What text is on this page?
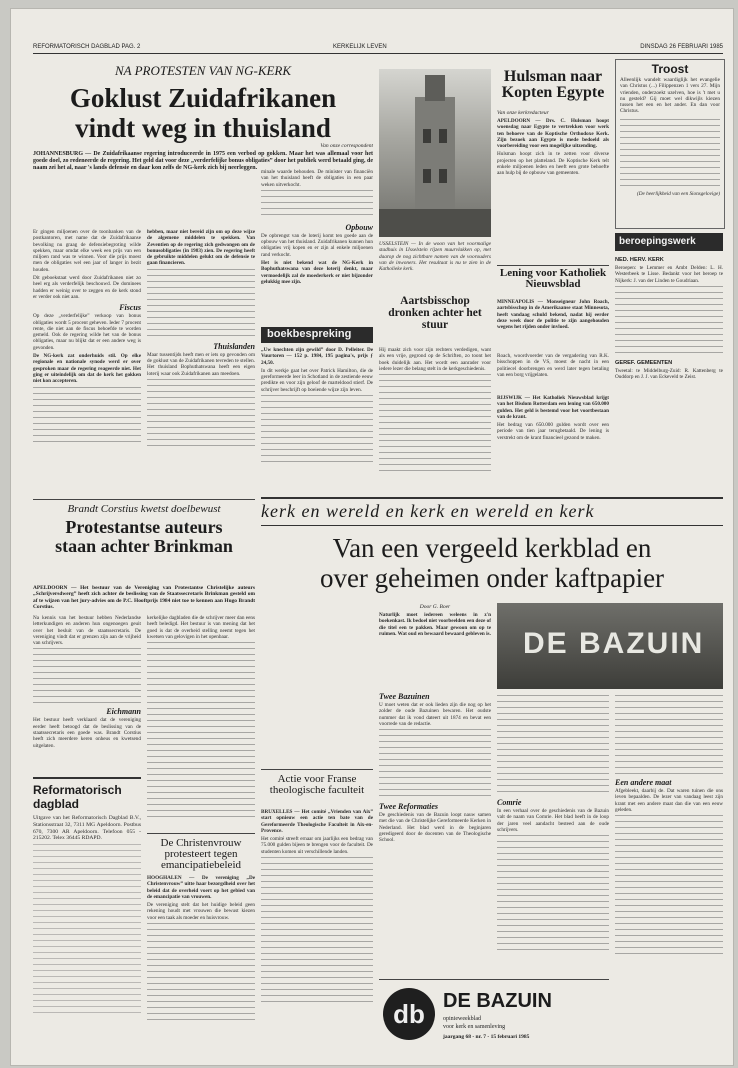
REFORMATORISCH DAGBLAD PAG. 2	KERKELIJK LEVEN	DINSDAG 26 FEBRUARI 1985
NA PROTESTEN VAN NG-KERK
Goklust Zuidafrikanen
vindt weg in thuisland
Van onze correspondent
JOHANNESBURG — De Zuidafrikaanse regering introduceerde in 1975 een verbod op gokken. Maar het was allemaal voor het goede doel, zo redeneerde de regering. Het geld dat voor deze „verderfelijke bonus obligaties” door het publiek werd betaald ging, de naam zei het al, naar 's lands defensie en daar kon zelfs de NG-kerk zich bij neerleggen.

Er gingen miljoenen over de toonbanken van de postkantoren, met name dat de Zuidafrikaanse bevolking nu graag de defensiebegroting wilde spekken, maar omdat elke week een prijs van een miljoen rand was te winnen. Voor die prijs moest men de obligaties wel een jaar of langer in bezit houden.

Dit geboekstaat werd door Zuidafrikanen niet zo heel erg als verderfelijk beschouwd. De dominees hadden er weinig over te zeggen en de kerk stond er verder ook niet aan.

Fiscus

Op deze „verderfelijke” verkoop van bonus obligaties wordt 5 procent geheven. Ieder 7 procent rente, die niet aan de fiscus behoefde te worden gemeld. Ook de regering wilde het van de bonus obligaties, maar nu blijkt dat er een andere weg is gevonden.

De NG-kerk zat onderhuids stil. Op elke regionale en nationale synode werd er over gesproken maar de regering reageerde niet. Het ging er uiteindelijk om dat de kerk het gokken niet kon accepteren.

hebben, maar niet bereid zijn om op deze wijze de algemene middelen te spekken. Van Zeventien op de regering zich gedwongen om de bonusobligaties (in 1983) zien. De regering heeft de gebruikte middelen gelukt om de defensie te gaan financieren.

Thuislanden

Maar tussentijds heeft men er iets op gevonden om de goklust van de Zuidafrikanen tevreden te stellen. Het thuisland Bophuthatswana heeft een eigen loterij waar ook Zuidafrikanen aan meedoen.

minale waarde behouden. De minister van financiën van het thuisland heeft de obligaties in een paar weken uitverkocht.

Opbouw

De opbrengst van de loterij komt ten goede aan de opbouw van het thuisland. Zuidafrikanen kunnen hun obligaties vrij kopen en er zijn al enkele miljoenen rand verkocht.

Het is niet bekend wat de NG-Kerk in Bophuthatswana van deze loterij denkt, maar vermoedelijk zal de moederkerk er niet bijzonder gelukkig mee zijn.

boekbespreking

„Uw knechten zijn gewild” door D. Pelleiter. De Vuurtoren — 152 p. 1984, 195 pagina's, prijs ƒ 24,50.

In dit werkje gaat het over Patrick Hamilton, die de gereformeerde leer in Schotland in de zestiende eeuw predikte en voor zijn geloof de marteldood stierf. De schrijver beschrijft op boeiende wijze zijn leven.

Hij maakt zich voor zijn rechters verdedigen, want als een vrije, gegrond op de Schriften, zo toont het boek duidelijk aan. Het wordt een aanrader voor iedere lezer die belang stelt in de kerkgeschiedenis.

Brandt Corstius kwetst doelbewust
Protestantse auteurs
staan achter Brinkman
APELDOORN — Het bestuur van de Vereniging van Protestantse Christelijke auteurs „Schrijversdwerg” heeft zich achter de beslissing van de Staatssecretaris Brinkman gesteld om af te wijzen van het jury-advies om de P.C. Hooftprijs 1984 niet toe te kennen aan Hugo Brandt Corstius.

Na kennis van het bestuur hebben Nederlandse letterkundigen en anderen hun ongenoegen geuit over het besluit van de staatssecretaris. De vereniging vindt dat er grenzen zijn aan de vrijheid van schrijvers.

Eichmann

Het bestuur heeft verklaard dat de vereniging eerder heeft betoogd dat de beslissing van de staatssecretaris een goede was. Brandt Corstius heeft zich meerdere keren onheus en kwetsend uitgelaten.

kerkelijke dagbladen die de schrijver meer dan eens heeft beledigd. Het bestuur is van mening dat het goed is dat de overheid stelling neemt tegen het kwetsen van gelovigen in het openbaar.

Reformatorisch
dagblad

Uitgave van het Reformatorisch Dagblad B.V., Stationsstraat 32, 7311 MG Apeldoorn. Postbus 670, 7300 AR Apeldoorn. Telefoon 055 - 215202. Telex 36445 RDAPD.

Actie voor Franse theologische faculteit

BRUXELLES — Het comité „Vrienden van Aix” start opnieuw een actie ten bate van de Gereformeerde Theologische Faculteit in Aix-en-Provence.

Het comité streeft ernaar om jaarlijks een bedrag van 75.000 gulden bijeen te brengen voor de faculteit. De studenten komen uit verschillende landen.

De Christenvrouw protesteert tegen emancipatiebeleid

HOOGHALEN — De vereniging „De Christenvrouw” uitte haar bezorgdheid over het beleid dat de overheid voert op het gebied van de emancipatie van vrouwen.

De vereniging stelt dat het huidige beleid geen rekening houdt met vrouwen die bewust kiezen voor een taak als moeder en huisvrouw.

Hulsman naar
Kopten Egypte
Van onze kerkredacteur

APELDOORN — Drs. C. Hulsman hoopt woensdag naar Egypte te vertrekken voor werk ten behoeve van de Koptische Orthodoxe Kerk. Zijn bezoek aan Egypte is mede bedoeld als voorbereiding voor een mogelijke uitzending.

Hulsman hoopt zich in te zetten voor diverse projecten op het platteland. De Koptische Kerk telt enkele miljoenen leden en heeft een grote behoefte aan hulp bij de opbouw van gemeenten.

USSELSTEIN — In de woon van het voormalige stadhuis in IJsselstein rijzen muurvlakken op, met daarop de nog zichtbare namen van de voorouders van de inwoners. Het resultaat is nu te zien in de Katholieke kerk.

Aartsbisschop dronken achter het stuur

MINNEAPOLIS — Monseigneur John Roach, aartsbisschop in de Amerikaanse staat Minnesota, heeft vandaag schuld bekend, nadat hij eerder deze week door de politie te zijn aangehouden wegens het rijden onder invloed.

Roach, woordvoerder van de vergadering van R.K. bisschoppen in de VS, moest de nacht in een politiecel doorbrengen en werd later tegen betaling van een borg vrijgelaten.

Lening voor Katholiek Nieuwsblad
Troost

Alleenlijk wandelt waardiglijk het evangelie van Christus (...) Filippenzen 1 vers 27. Mijn vrienden, onderzoekt uzelven, hoe is 't met u nu gesteld? Gij moet wel dikwijls kiezen tussen het een en het ander. En dan voor Christus.

(De heerlijkheid van een Sionsgelovige)

beroepingswerk
NED. HERV. KERK

Beroepen: te Lemmer en Ambt Delden: L. H. Westerbeek te Lisse. Bedankt voor het beroep te Nijkerk: J. van der Linden te Goudriaan.

GEREF. GEMEENTEN

Tweetal: te Middelburg-Zuid: R. Kattenberg te Ouddorp en J. J. van Eckeveld te Zeist.

RIJSWIJK — Het Katholiek Nieuwsblad krijgt van het Bisdom Rotterdam een lening van 650.000 gulden. Het geld is bestemd voor het voortbestaan van de krant.

Het bedrag van 650.000 gulden wordt over een periode van tien jaar terugbetaald. De lening is verstrekt om de krant financieel gezond te maken.

kerk en wereld en kerk en wereld en kerk
Van een vergeeld kerkblad en
over geheimen onder kaftpapier
Door G. Boer

Naturlijk moet iedereen weleens in z'n boekenkast. Ik bedoel niet voorbeelden een deze of die titel een te pakken. Maar gewoon om op te ruimen. Wat oud en bewaard bewaard gebleven is. DE BAZUIN
Twee Bazuinen

U moet weten dat er ook lieden zijn die nog op het zolder de oude Bazuinen bewaren. Het oudste nummer dat ik vond dateert uit 1874 en bevat een voorrede van de redactie.

Twee Reformaties

De geschiedenis van de Bazuin loopt nauw samen met die van de Christelijke Gereformeerde Kerken in Nederland. Het blad werd in de beginjaren geredigeerd door de docenten van de Theologische School.

Comrie

In een verhaal over de geschiedenis van de Bazuin valt de naam van Comrie. Het blad heeft in de loop der jaren veel aandacht besteed aan de oude schrijvers.

Een andere maat

Afgebleekt, daarbij de. Dat waren tuinen die ons leven bepaalden. De lezer van vandaag leest zijn krant met een andere maat dan die van een eeuw geleden.

db DE BAZUIN
opinieweekblad
voor kerk en samenleving
jaargang 68 - nr. 7 - 15 februari 1985
